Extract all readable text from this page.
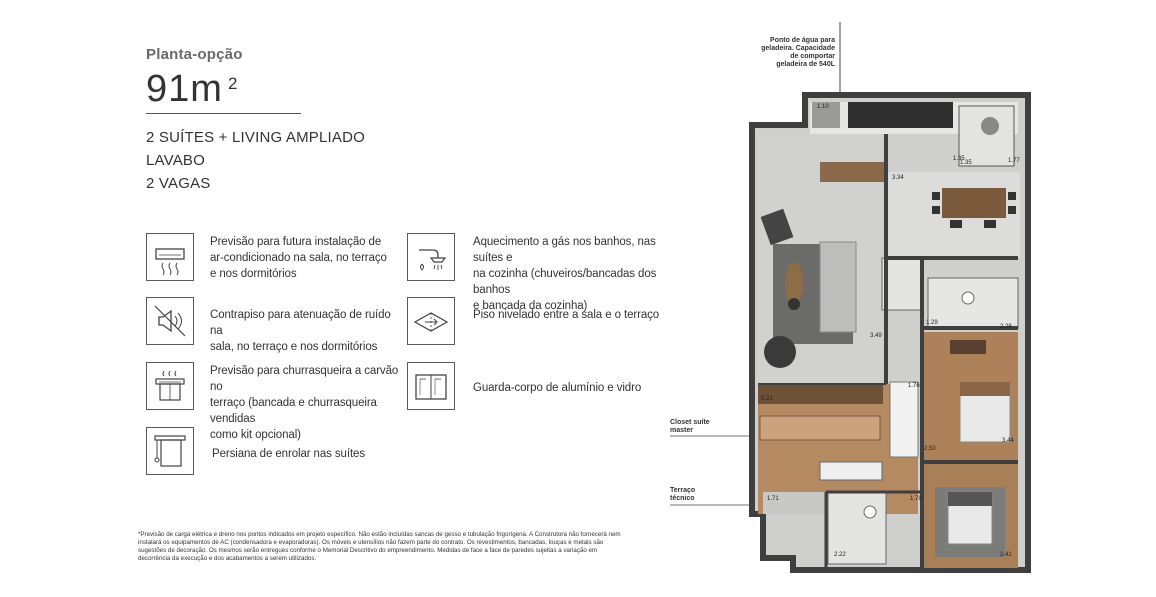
Planta-opção
91m 2
2 SUÍTES + LIVING AMPLIADO
LAVABO
2 VAGAS
Previsão para futura instalação de
ar-condicionado na sala, no terraço
e nos dormitórios
Aquecimento a gás nos banhos, nas suítes e
na cozinha (chuveiros/bancadas dos banhos
e bancada da cozinha)
Contrapiso para atenuação de ruído na
sala, no terraço e nos dormitórios
Piso nivelado entre a sala e o terraço
Previsão para churrasqueira a carvão no
terraço (bancada e churrasqueira vendidas
como kit opcional)
Guarda-corpo de alumínio e vidro
Persiana de enrolar nas suítes
*Previsão de carga elétrica e dreno nos pontos indicados em projeto específico. Não estão incluídas sancas de gesso e tubulação frigorígena. A Construtora não fornecerá nem instalará os equipamentos de AC (condensadora e evaporadoras). Os móveis e utensílios não fazem parte do contrato. Os revestimentos, bancadas, louças e metais são sugestões de decoração. Os mesmos serão entregues conforme o Memorial Descritivo do empreendimento. Medidas de face a face de paredes sujeitas a variação em decorrência da execução e dos acabamentos a serem utilizados.
1.10
1.35	1.77
1.35
3.34
3.49
2.28
1.29
5.21
1.71
2.50
3.44
1.76
1.78
2.22	2.41
Ponto de água para
geladeira. Capacidade
de comportar
geladeira de 540L
Closet suíte
master
Terraço
técnico
